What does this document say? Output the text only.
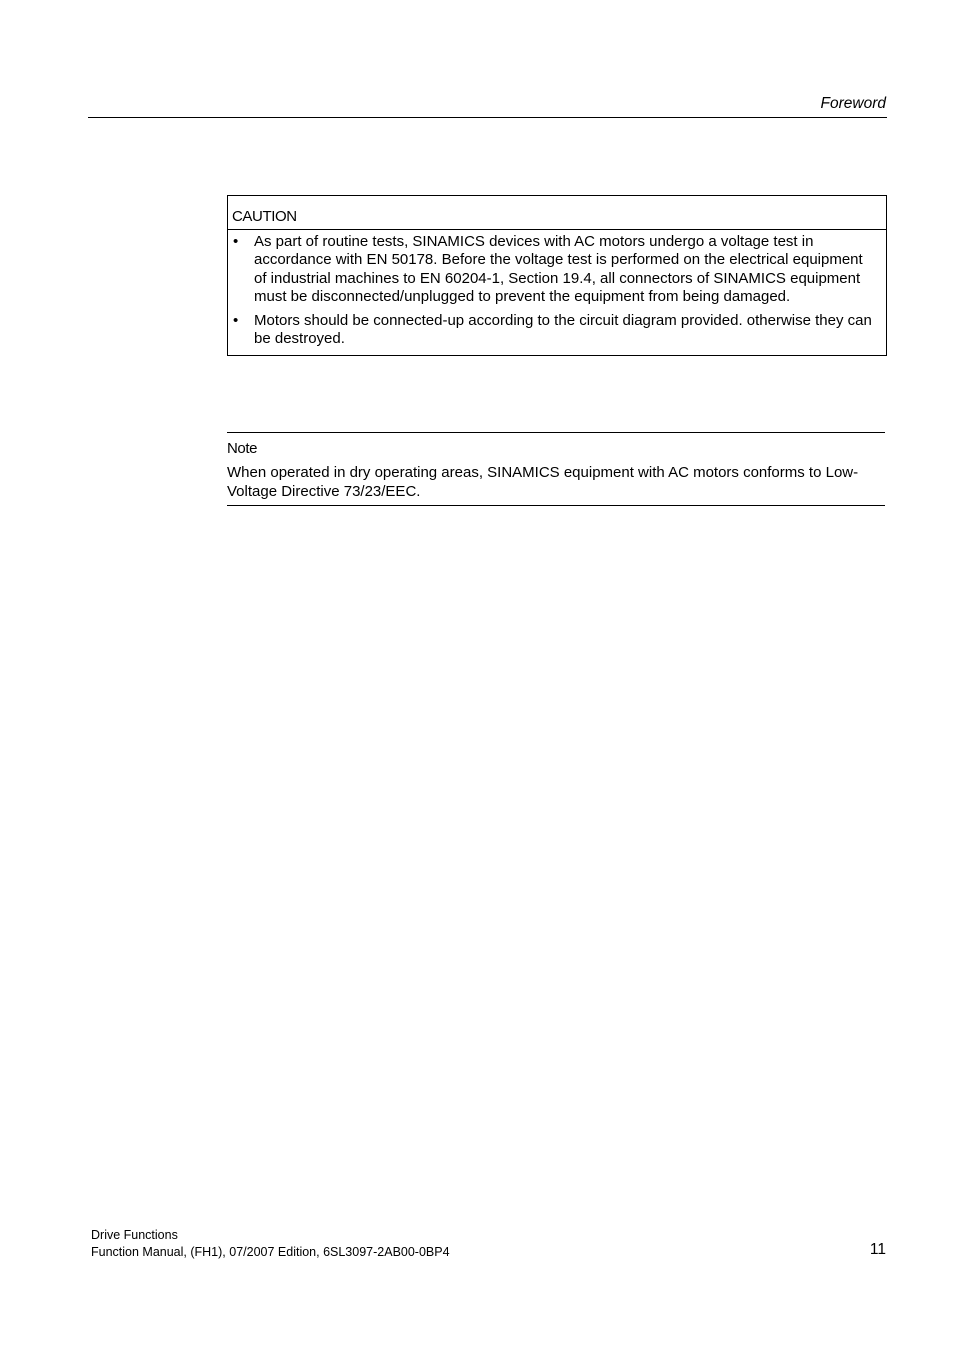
Foreword
CAUTION
• As part of routine tests, SINAMICS devices with AC motors undergo a voltage test in accordance with EN 50178. Before the voltage test is performed on the electrical equipment of industrial machines to EN 60204-1, Section 19.4, all connectors of SINAMICS equipment must be disconnected/unplugged to prevent the equipment from being damaged.
• Motors should be connected-up according to the circuit diagram provided. otherwise they can be destroyed.
Note

When operated in dry operating areas, SINAMICS equipment with AC motors conforms to Low-Voltage Directive 73/23/EEC.

Drive Functions
Function Manual, (FH1), 07/2007 Edition, 6SL3097-2AB00-0BP4	11
